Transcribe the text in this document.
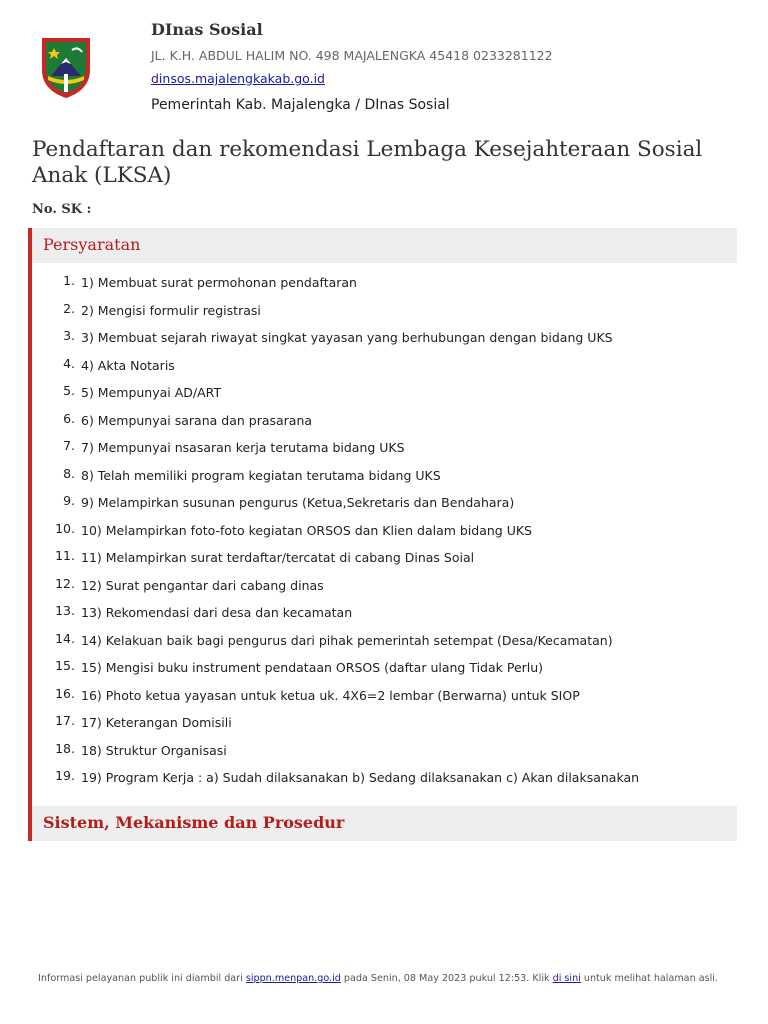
DInas Sosial
JL. K.H. ABDUL HALIM NO. 498 MAJALENGKA 45418 0233281122
dinsos.majalengkakab.go.id
Pemerintah Kab. Majalengka / DInas Sosial
Pendaftaran dan rekomendasi Lembaga Kesejahteraan Sosial Anak (LKSA)
No. SK :
Persyaratan
1. 1) Membuat surat permohonan pendaftaran
2. 2) Mengisi formulir registrasi
3. 3) Membuat sejarah riwayat singkat yayasan yang berhubungan dengan bidang UKS
4. 4) Akta Notaris
5. 5) Mempunyai AD/ART
6. 6) Mempunyai sarana dan prasarana
7. 7) Mempunyai nsasaran kerja terutama bidang UKS
8. 8) Telah memiliki program kegiatan terutama bidang UKS
9. 9) Melampirkan susunan pengurus (Ketua,Sekretaris dan Bendahara)
10. 10) Melampirkan foto-foto kegiatan ORSOS dan Klien dalam bidang UKS
11. 11) Melampirkan surat terdaftar/tercatat di cabang Dinas Soial
12. 12) Surat pengantar dari cabang dinas
13. 13) Rekomendasi dari desa dan kecamatan
14. 14) Kelakuan baik bagi pengurus dari pihak pemerintah setempat (Desa/Kecamatan)
15. 15) Mengisi buku instrument pendataan ORSOS (daftar ulang Tidak Perlu)
16. 16) Photo ketua yayasan untuk ketua uk. 4X6=2 lembar (Berwarna) untuk SIOP
17. 17) Keterangan Domisili
18. 18) Struktur Organisasi
19. 19) Program Kerja : a) Sudah dilaksanakan b) Sedang dilaksanakan c) Akan dilaksanakan
Sistem, Mekanisme dan Prosedur
Informasi pelayanan publik ini diambil dari sippn.menpan.go.id pada Senin, 08 May 2023 pukul 12:53. Klik di sini untuk melihat halaman asli.
